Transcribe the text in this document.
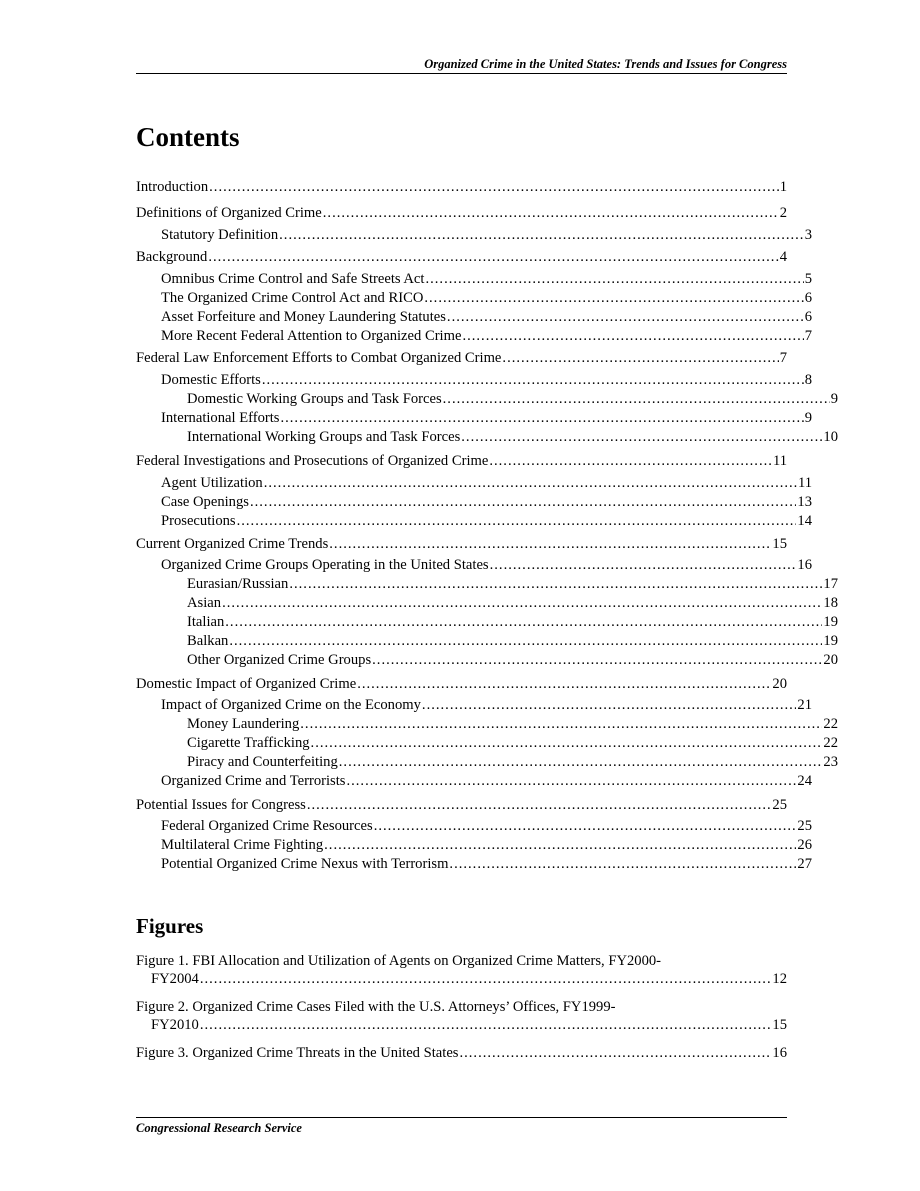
Organized Crime in the United States: Trends and Issues for Congress
Contents
Introduction .....	1
Definitions of Organized Crime .....	2
Statutory Definition .....	3
Background .....	4
Omnibus Crime Control and Safe Streets Act .....	5
The Organized Crime Control Act and RICO .....	6
Asset Forfeiture and Money Laundering Statutes .....	6
More Recent Federal Attention to Organized Crime .....	7
Federal Law Enforcement Efforts to Combat Organized Crime .....	7
Domestic Efforts .....	8
Domestic Working Groups and Task Forces .....	9
International Efforts .....	9
International Working Groups and Task Forces .....	10
Federal Investigations and Prosecutions of Organized Crime .....	11
Agent Utilization .....	11
Case Openings .....	13
Prosecutions .....	14
Current Organized Crime Trends .....	15
Organized Crime Groups Operating in the United States .....	16
Eurasian/Russian .....	17
Asian .....	18
Italian .....	19
Balkan .....	19
Other Organized Crime Groups .....	20
Domestic Impact of Organized Crime .....	20
Impact of Organized Crime on the Economy .....	21
Money Laundering .....	22
Cigarette Trafficking .....	22
Piracy and Counterfeiting .....	23
Organized Crime and Terrorists .....	24
Potential Issues for Congress .....	25
Federal Organized Crime Resources .....	25
Multilateral Crime Fighting .....	26
Potential Organized Crime Nexus with Terrorism .....	27
Figures
Figure 1. FBI Allocation and Utilization of Agents on Organized Crime Matters, FY2000-
FY2004 .....	12
Figure 2. Organized Crime Cases Filed with the U.S. Attorneys’ Offices, FY1999-
FY2010 .....	15
Figure 3. Organized Crime Threats in the United States .....	16
Congressional Research Service
